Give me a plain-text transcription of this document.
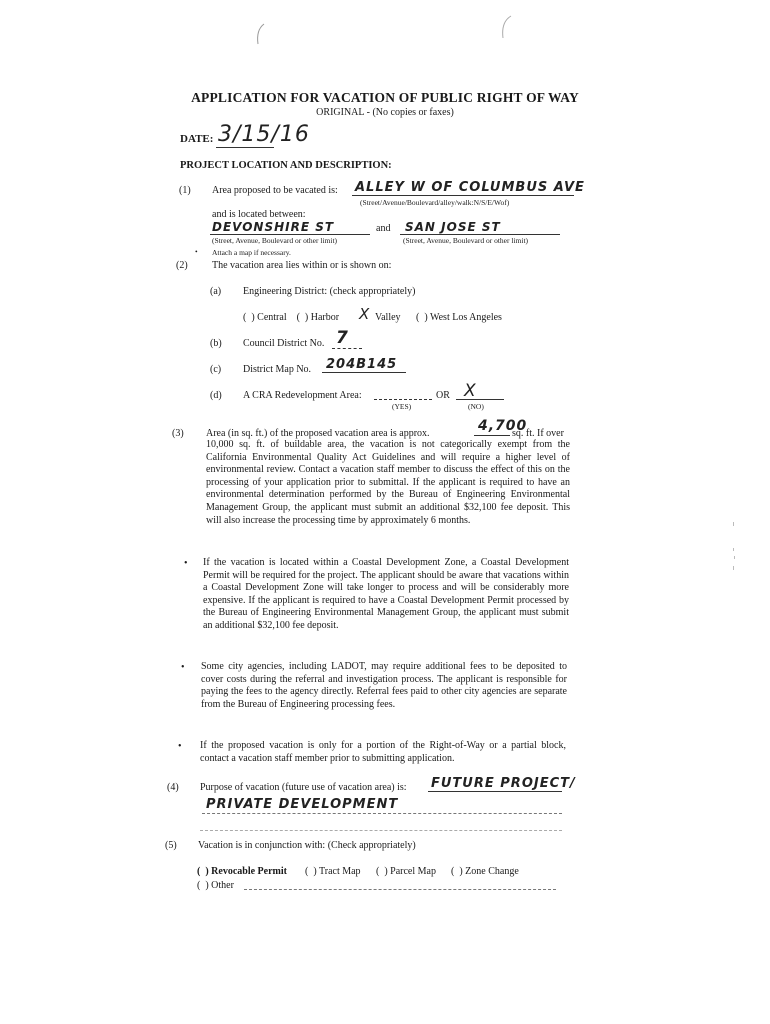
APPLICATION FOR VACATION OF PUBLIC RIGHT OF WAY
ORIGINAL - (No copies or faxes)
DATE: 3/15/16
PROJECT LOCATION AND DESCRIPTION:
(1) Area proposed to be vacated is: ALLEY W OF COLUMBUS AVE
(Street/Avenue/Boulevard/alley/walk:N/S/E/Wof)
and is located between:
DEVONSHIRE ST	and SAN JOSE ST
(Street, Avenue, Boulevard or other limit)	(Street, Avenue, Boulevard or other limit)
• Attach a map if necessary.
(2) The vacation area lies within or is shown on:
(a) Engineering District: (check appropriately)
(  ) Central    (  ) Harbor X Valley (  ) West Los Angeles
(b) Council District No. 7
(c) District Map No. 204B145
(d) A CRA Redevelopment Area:	OR X
(YES)	(NO)
(3) Area (in sq. ft.) of the proposed vacation area is approx.	4,700
sq. ft. If over
10,000 sq. ft. of buildable area, the vacation is not categorically exempt from the California Environmental Quality Act Guidelines and will require a higher level of environmental review. Contact a vacation staff member to discuss the effect of this on the processing of your application prior to submittal. If the applicant is required to have an environmental determination performed by the Bureau of Engineering Environmental Management Group, the applicant must submit an additional $32,100 fee deposit. This will also increase the processing time by approximately 6 months.
• If the vacation is located within a Coastal Development Zone, a Coastal Development Permit will be required for the project. The applicant should be aware that vacations within a Coastal Development Zone will take longer to process and will be considerably more expensive. If the applicant is required to have a Coastal Development Permit processed by the Bureau of Engineering Environmental Management Group, the applicant must submit an additional $32,100 fee deposit.
• Some city agencies, including LADOT, may require additional fees to be deposited to cover costs during the referral and investigation process. The applicant is responsible for paying the fees to the agency directly. Referral fees paid to other city agencies are separate from the Bureau of Engineering processing fees.
• If the proposed vacation is only for a portion of the Right-of-Way or a partial block, contact a vacation staff member prior to submitting application.
(4) Purpose of vacation (future use of vacation area) is: FUTURE PROJECT/
PRIVATE DEVELOPMENT
(5) Vacation is in conjunction with: (Check appropriately)
(  ) Revocable Permit (  ) Tract Map (  ) Parcel Map (  ) Zone Change
(  ) Other
